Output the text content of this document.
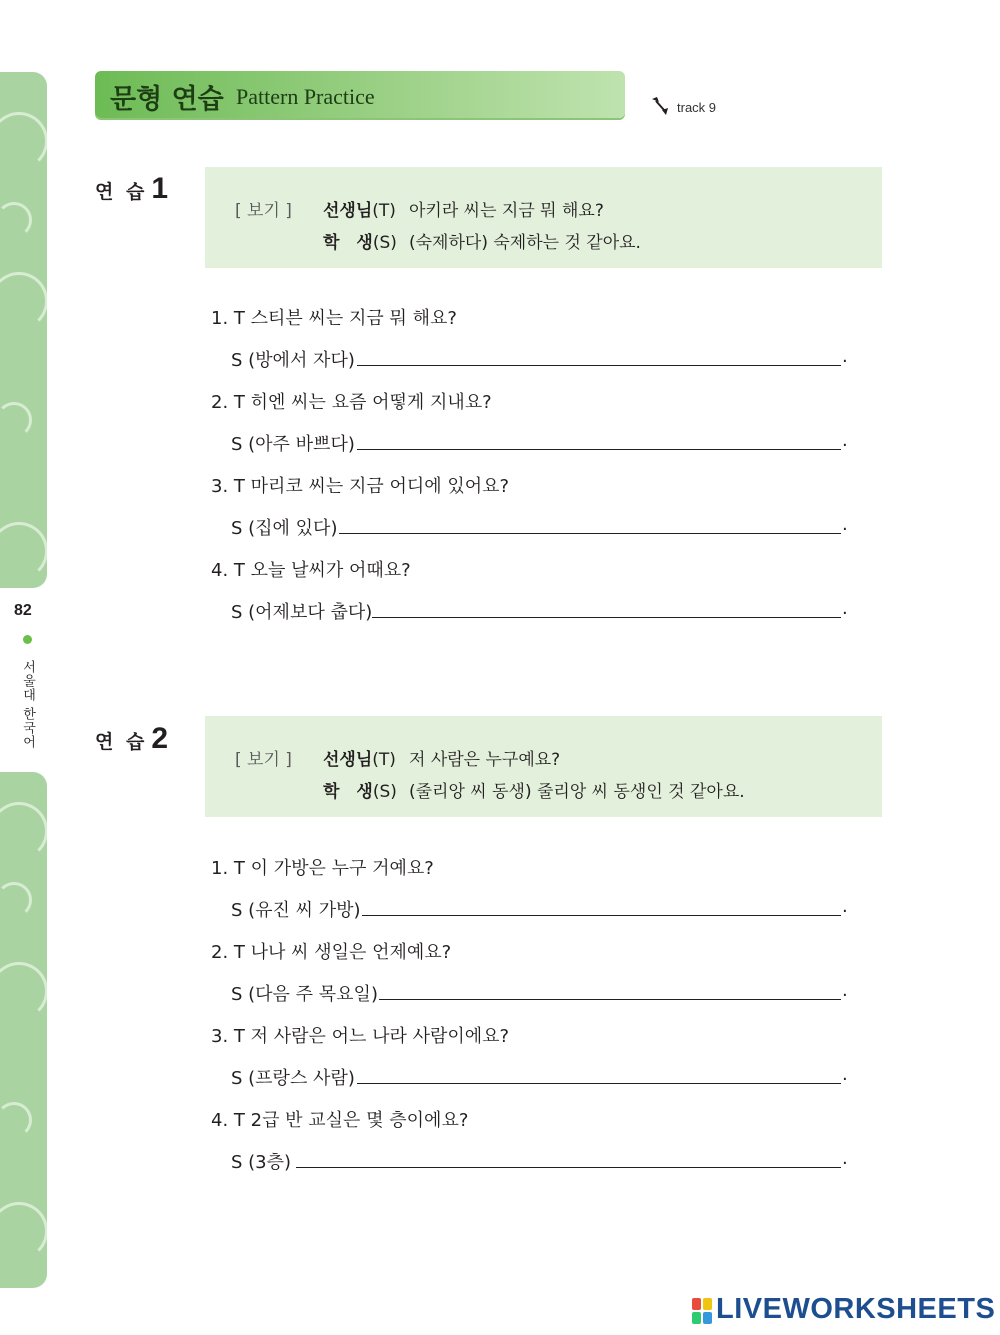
82
서울대 한국어
문형 연습 Pattern Practice	track 9
연 습 1
[ 보기 ] 선생님(T) 아키라 씨는 지금 뭐 해요?
학　생(S) (숙제하다) 숙제하는 것 같아요.
1. T 스티븐 씨는 지금 뭐 해요?
S (방에서 자다)	.
2. T 히엔 씨는 요즘 어떻게 지내요?
S (아주 바쁘다)	.
3. T 마리코 씨는 지금 어디에 있어요?
S (집에 있다)	.
4. T 오늘 날씨가 어때요?
S (어제보다 춥다)	.
연 습 2
[ 보기 ] 선생님(T) 저 사람은 누구예요?
학　생(S) (줄리앙 씨 동생) 줄리앙 씨 동생인 것 같아요.
1. T 이 가방은 누구 거예요?
S (유진 씨 가방)	.
2. T 나나 씨 생일은 언제예요?
S (다음 주 목요일)	.
3. T 저 사람은 어느 나라 사람이에요?
S (프랑스 사람)	.
4. T 2급 반 교실은 몇 층이에요?
S (3층)	.
LIVEWORKSHEETS
